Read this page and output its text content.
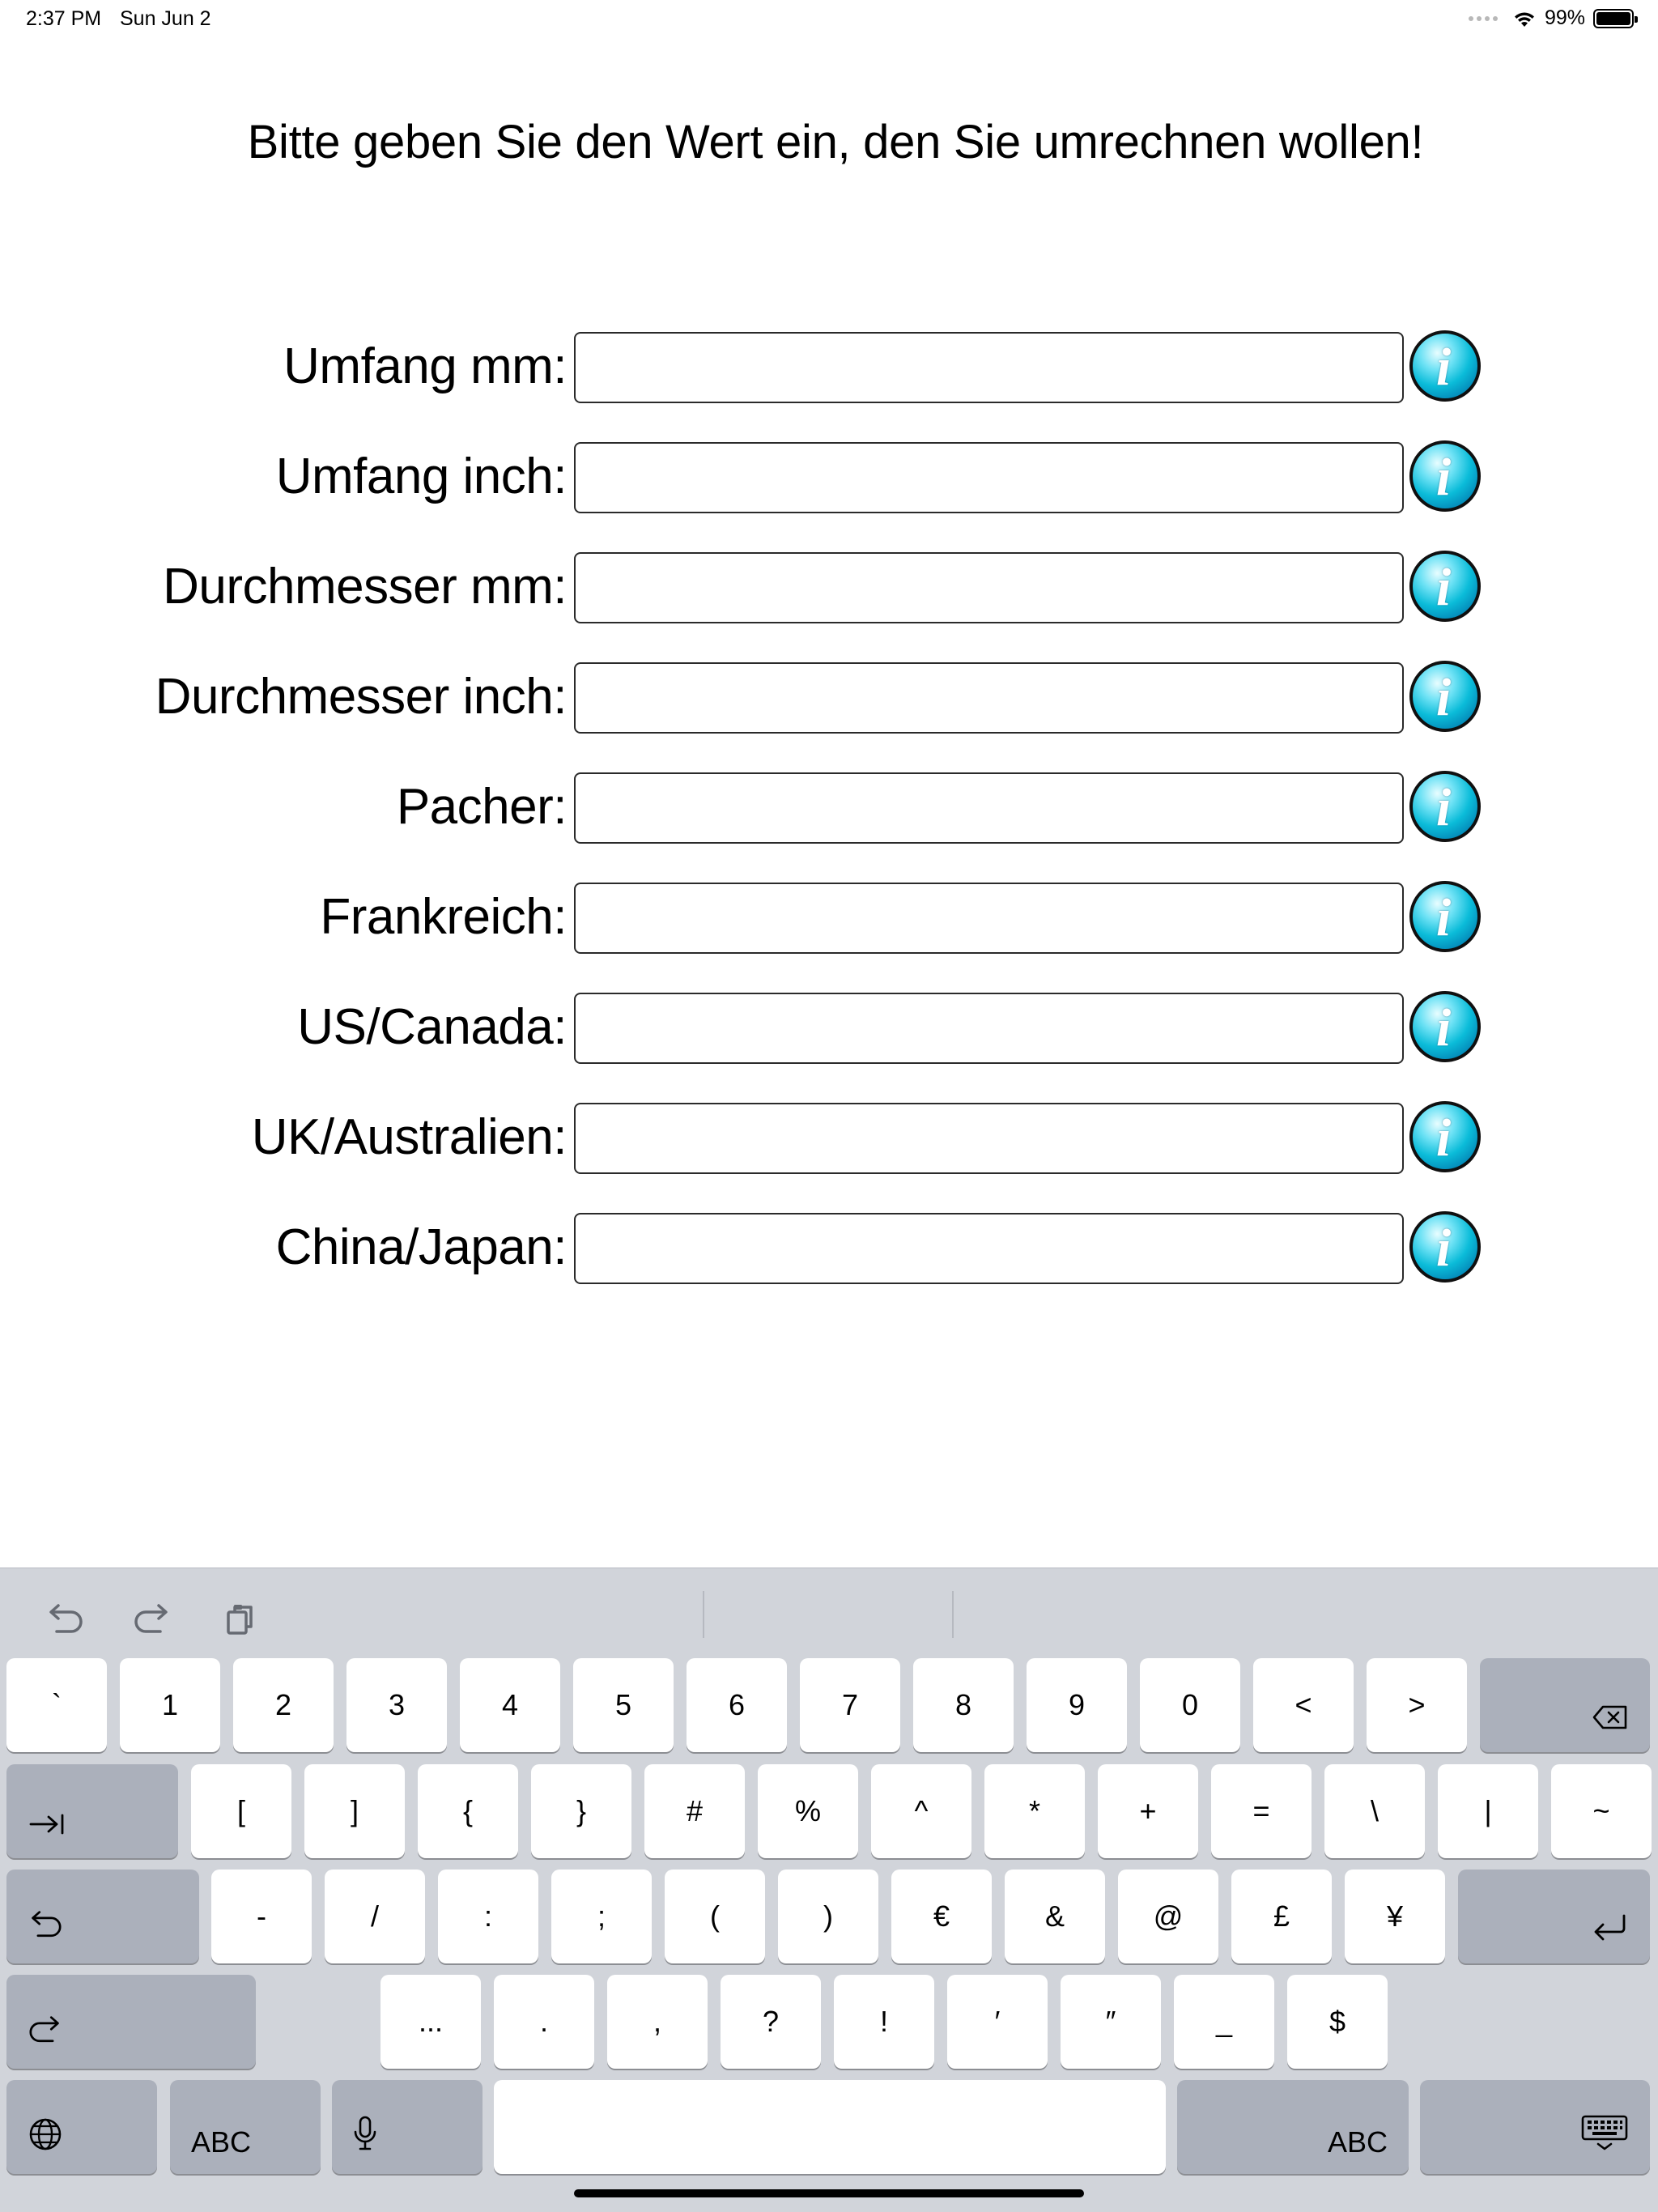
2:37 PM Sun Jun 2	99%
Bitte geben Sie den Wert ein, den Sie umrechnen wollen!
Umfang mm:	i
Umfang inch:	i
Durchmesser mm:	i
Durchmesser inch:	i
Pacher:	i
Frankreich:	i
US/Canada:	i
UK/Australien:	i
China/Japan:	i
`	1	2	3	4	5	6	7	8	9	0	<	>
[	]	{	}	#	%	^	*	+	=	\	|	~
-	/	:	;	(	)	€	&	@	£	¥
...	.	,	?	!	′	″	_	$
ABC	ABC
